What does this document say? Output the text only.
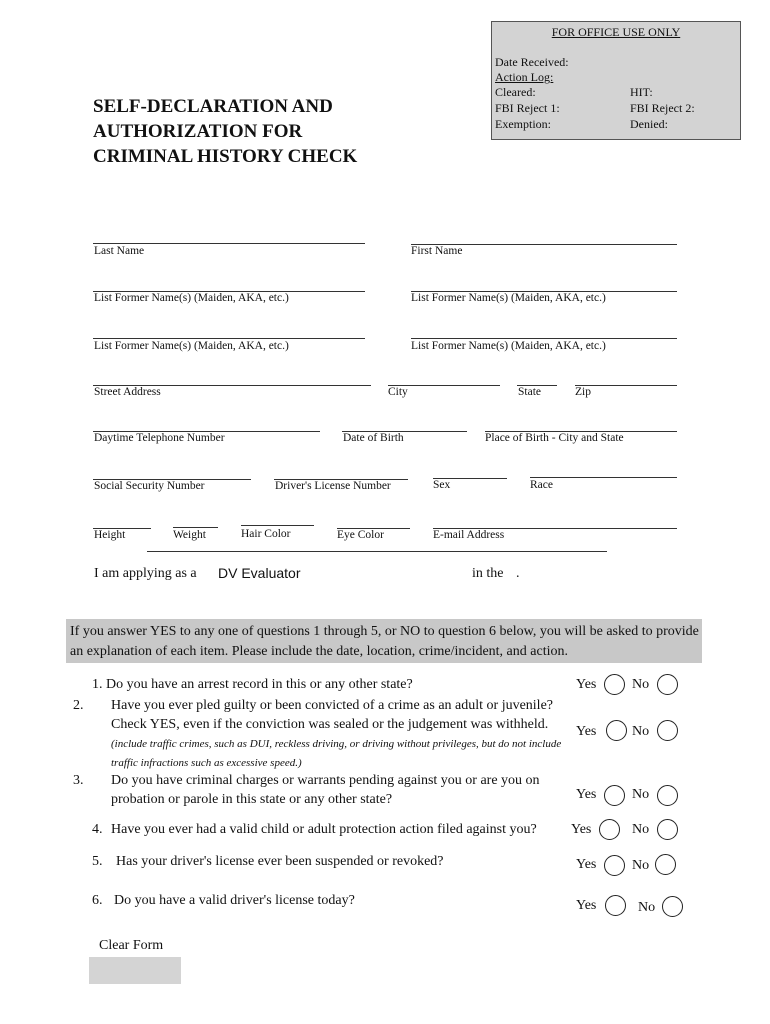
FOR OFFICE USE ONLY
Date Received:
Action Log:
Cleared:	HIT:
FBI Reject 1:	FBI Reject 2:
Exemption:	Denied:
SELF-DECLARATION AND
AUTHORIZATION FOR
CRIMINAL HISTORY CHECK
Last Name	First Name
List Former Name(s) (Maiden, AKA, etc.)	List Former Name(s) (Maiden, AKA, etc.)
List Former Name(s) (Maiden, AKA, etc.)	List Former Name(s) (Maiden, AKA, etc.)
Street Address	City	State	Zip
Daytime Telephone Number	Date of Birth	Place of Birth - City and State
Social Security Number	Driver's License Number	Sex	Race
Height	Weight	Hair Color	Eye Color	E-mail Address
I am applying as a DV Evaluator	in the .
If you answer YES to any one of questions 1 through 5, or NO to question 6 below, you will be asked to provide an explanation of each item. Please include the date, location, crime/incident, and action.
1. Do you have an arrest record in this or any other state?	Yes	No
2. Have you ever pled guilty or been convicted of a crime as an adult or juvenile? Check YES, even if the conviction was sealed or the judgement was withheld. (include traffic crimes, such as DUI, reckless driving, or driving without privileges, but do not include traffic infractions such as excessive speed.)
Yes	No
3. Do you have criminal charges or warrants pending against you or are you on probation or parole in this state or any other state?	Yes	No
4. Have you ever had a valid child or adult protection action filed against you? Yes	No
5. Has your driver's license ever been suspended or revoked?	Yes	No
6. Do you have a valid driver's license today?	Yes	No
Clear Form
